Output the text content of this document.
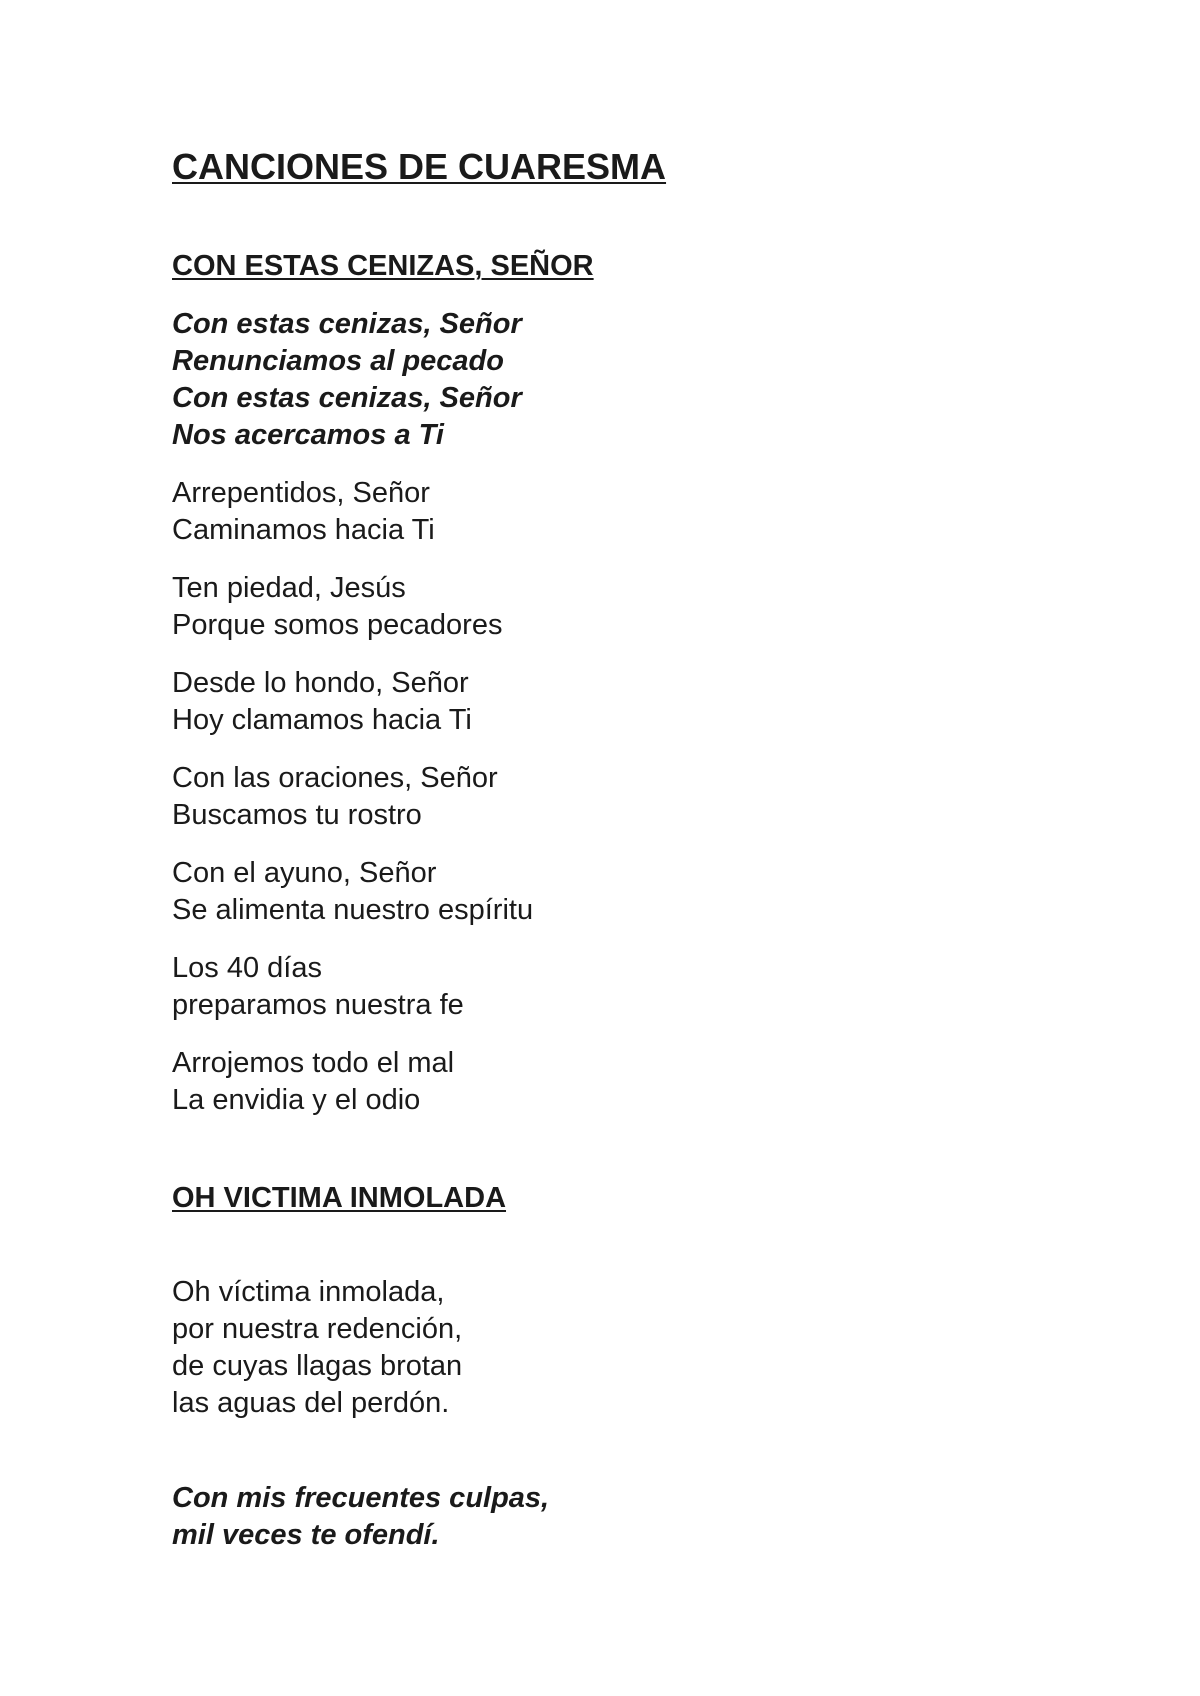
CANCIONES DE CUARESMA
CON ESTAS CENIZAS, SEÑOR
Con estas cenizas, Señor
Renunciamos al pecado
Con estas cenizas, Señor
Nos acercamos a Ti
Arrepentidos, Señor
Caminamos hacia Ti
Ten piedad, Jesús
Porque somos pecadores
Desde lo hondo, Señor
Hoy clamamos hacia Ti
Con las oraciones, Señor
Buscamos tu rostro
Con el ayuno, Señor
Se alimenta nuestro espíritu
Los 40 días
preparamos nuestra fe
Arrojemos todo el mal
La envidia y el odio
OH VICTIMA INMOLADA
Oh víctima inmolada,
por nuestra redención,
de cuyas llagas brotan
las aguas del perdón.
Con mis frecuentes culpas,
mil veces te ofendí.
